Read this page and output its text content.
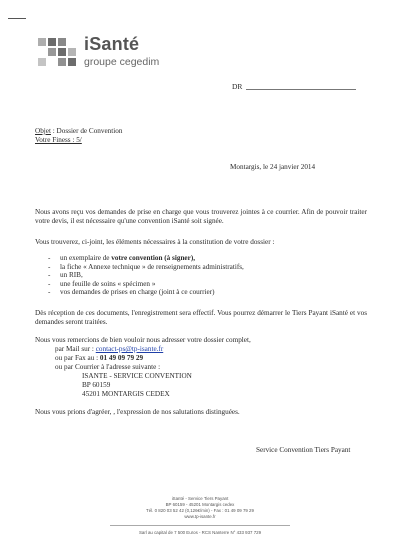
iSanté
groupe cegedim
DR
Objet : Dossier de Convention
Votre Finess : 5/
Montargis, le 24 janvier 2014
Nous avons reçu vos demandes de prise en charge que vous trouverez jointes à ce courrier. Afin de pouvoir traiter votre devis, il est nécessaire qu'une convention iSanté soit signée.
Vous trouverez, ci-joint, les éléments nécessaires à la constitution de votre dossier :
- un exemplaire de votre convention (à signer),
- la fiche « Annexe technique » de renseignements administratifs,
- un RIB,
- une feuille de soins « spécimen »
- vos demandes de prises en charge (joint à ce courrier)
Dès réception de ces documents, l'enregistrement sera effectif. Vous pourrez démarrer le Tiers Payant iSanté et vos demandes seront traitées.
Nous vous remercions de bien vouloir nous adresser votre dossier complet,
par Mail sur : contact-ps@tp-isante.fr
ou par Fax au : 01 49 09 79 29
ou par Courrier à l'adresse suivante :
ISANTE - SERVICE CONVENTION
BP 60159
45201 MONTARGIS CEDEX
Nous vous prions d'agréer, , l'expression de nos salutations distinguées.
Service Convention Tiers Payant
iSanté - Service Tiers Payant
BP 60159 - 45201 Montargis cedex
Tél. 0 820 03 52 42 (0,126€/min) - Fax : 01 49 09 79 29
www.tp-isante.fr
Sarl au capital de 7 500 Euros - RCS Nanterre N° 433 937 729
